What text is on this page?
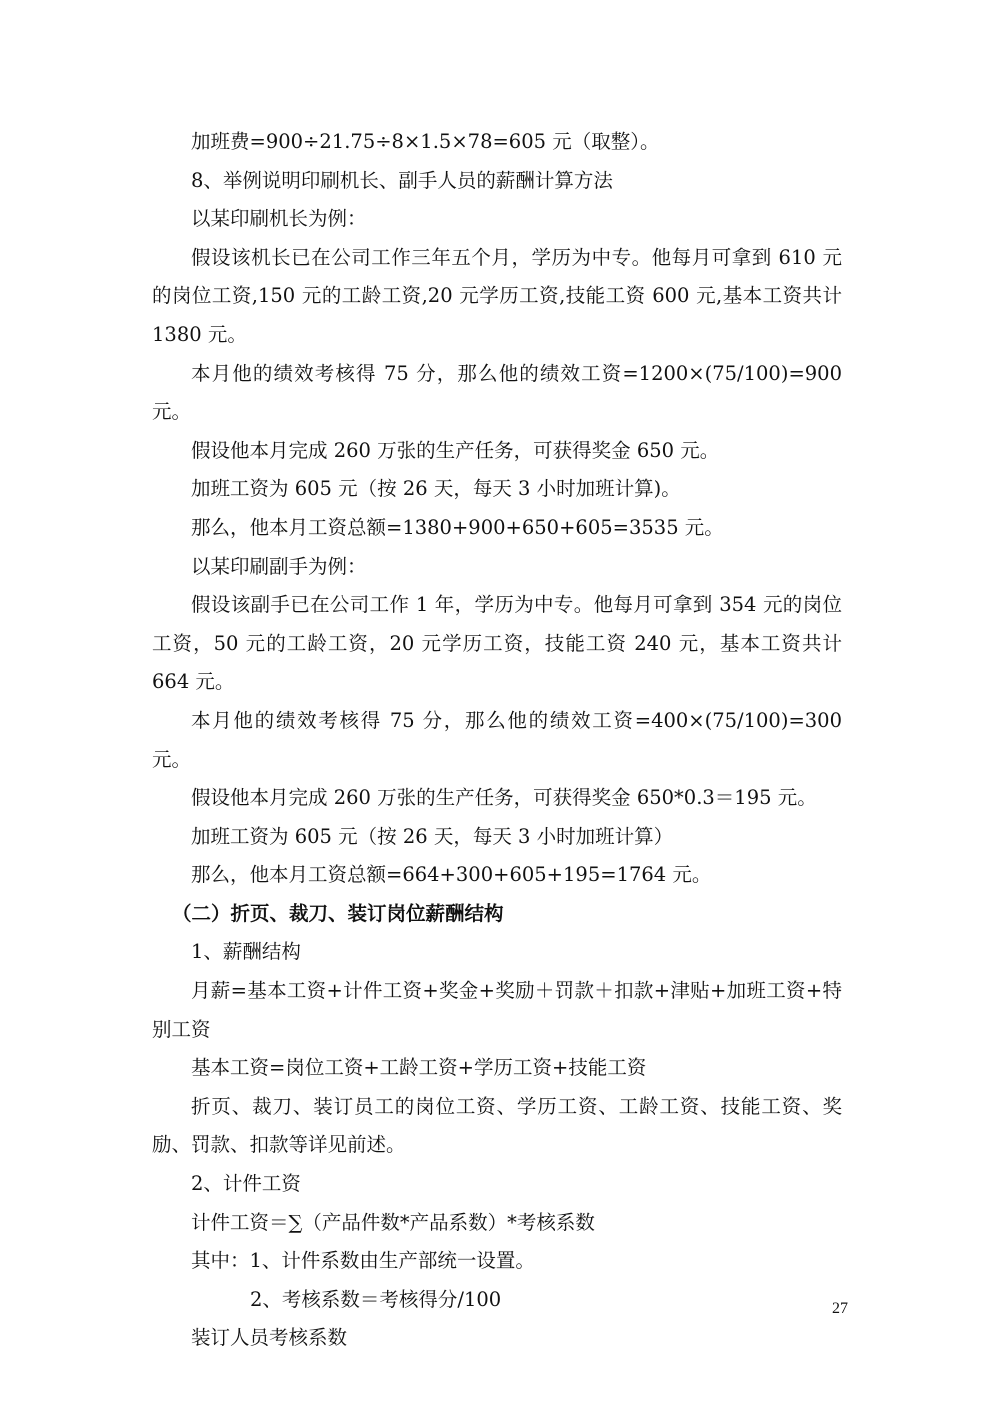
加班费=900÷21.75÷8×1.5×78=605 元（取整）。

8、举例说明印刷机长、副手人员的薪酬计算方法

以某印刷机长为例：

假设该机长已在公司工作三年五个月，学历为中专。他每月可拿到 610 元的岗位工资,150 元的工龄工资,20 元学历工资,技能工资 600 元,基本工资共计 1380 元。

本月他的绩效考核得 75 分，那么他的绩效工资=1200×(75/100)=900 元。

假设他本月完成 260 万张的生产任务，可获得奖金 650 元。

加班工资为 605 元（按 26 天，每天 3 小时加班计算)。

那么，他本月工资总额=1380+900+650+605=3535 元。

以某印刷副手为例：

假设该副手已在公司工作 1 年，学历为中专。他每月可拿到 354 元的岗位工资，50 元的工龄工资，20 元学历工资，技能工资 240 元，基本工资共计 664 元。

本月他的绩效考核得 75 分，那么他的绩效工资=400×(75/100)=300 元。

假设他本月完成 260 万张的生产任务，可获得奖金 650*0.3＝195 元。

加班工资为 605 元（按 26 天，每天 3 小时加班计算）

那么，他本月工资总额=664+300+605+195=1764 元。

（二）折页、裁刀、装订岗位薪酬结构

1、薪酬结构

月薪=基本工资+计件工资+奖金+奖励＋罚款＋扣款+津贴+加班工资+特别工资

基本工资=岗位工资+工龄工资+学历工资+技能工资

折页、裁刀、装订员工的岗位工资、学历工资、工龄工资、技能工资、奖励、罚款、扣款等详见前述。

2、计件工资

计件工资＝∑（产品件数*产品系数）*考核系数

其中：1、计件系数由生产部统一设置。

2、考核系数＝考核得分/100

装订人员考核系数

27
